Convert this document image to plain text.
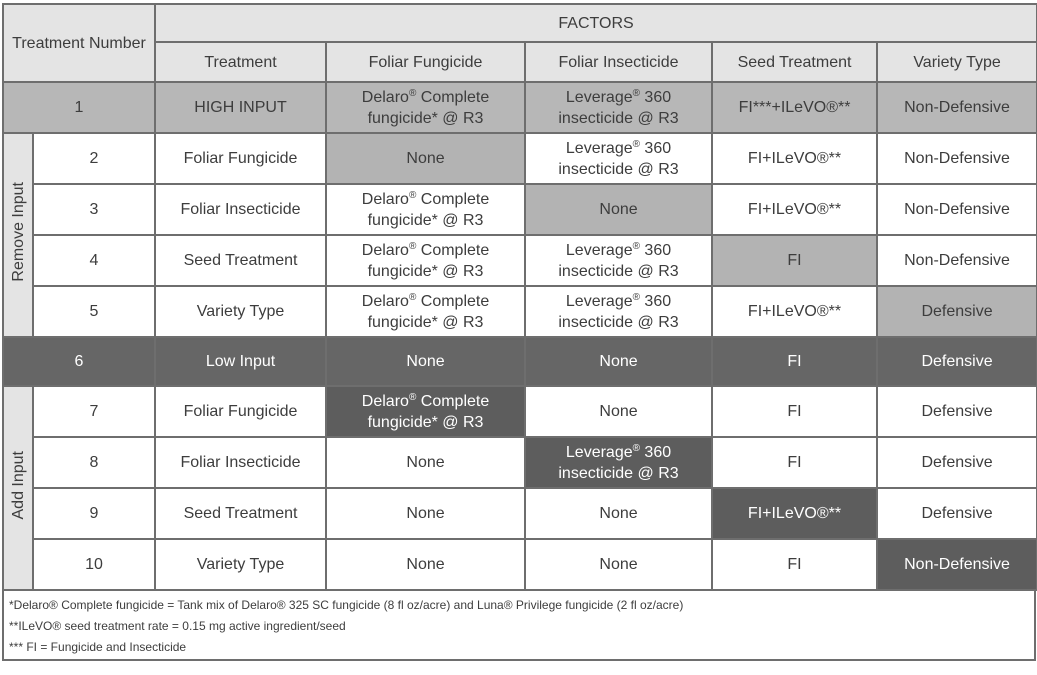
Treatment Number		FACTORS				
		Treatment	Foliar Fungicide	Foliar Insecticide	Seed Treatment	Variety Type
1		HIGH INPUT	Delaro® Complete
fungicide* @ R3	Leverage® 360
insecticide @ R3	FI***+ILeVO®**	Non-Defensive
Remove Input	2	Foliar Fungicide	None	Leverage® 360
insecticide @ R3	FI+ILeVO®**	Non-Defensive
	3	Foliar Insecticide	Delaro® Complete
fungicide* @ R3	None	FI+ILeVO®**	Non-Defensive
	4	Seed Treatment	Delaro® Complete
fungicide* @ R3	Leverage® 360
insecticide @ R3	FI	Non-Defensive
	5	Variety Type	Delaro® Complete
fungicide* @ R3	Leverage® 360
insecticide @ R3	FI+ILeVO®**	Defensive
6		Low Input	None	None	FI	Defensive
Add Input	7	Foliar Fungicide	Delaro® Complete
fungicide* @ R3	None	FI	Defensive
	8	Foliar Insecticide	None	Leverage® 360
insecticide @ R3	FI	Defensive
	9	Seed Treatment	None	None	FI+ILeVO®**	Defensive
	10	Variety Type	None	None	FI	Non-Defensive
*Delaro® Complete fungicide = Tank mix of Delaro® 325 SC fungicide (8 fl oz/acre) and Luna® Privilege fungicide (2 fl oz/acre)
**ILeVO® seed treatment rate = 0.15 mg active ingredient/seed
*** FI = Fungicide and Insecticide
